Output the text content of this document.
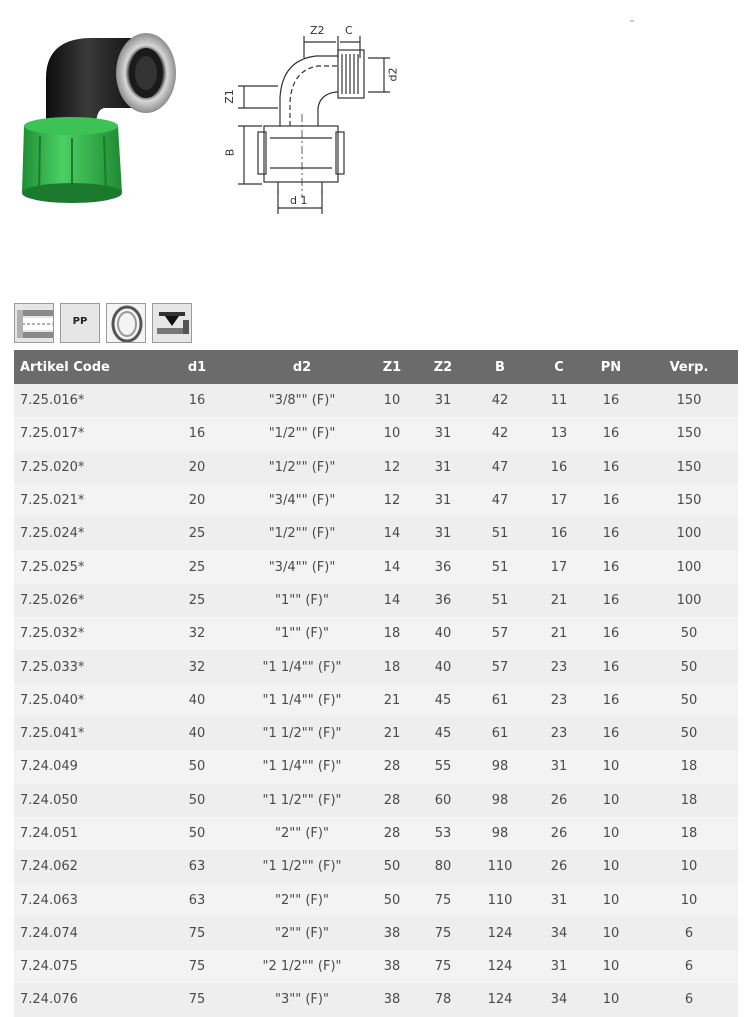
Z2 C
Z1
d2
B
d 1
PP
Artikel Code	d1	d2	Z1	Z2	B	C	PN	Verp.
7.25.016*	16	"3/8"" (F)"	10	31	42	11	16	150
7.25.017*	16	"1/2"" (F)"	10	31	42	13	16	150
7.25.020*	20	"1/2"" (F)"	12	31	47	16	16	150
7.25.021*	20	"3/4"" (F)"	12	31	47	17	16	150
7.25.024*	25	"1/2"" (F)"	14	31	51	16	16	100
7.25.025*	25	"3/4"" (F)"	14	36	51	17	16	100
7.25.026*	25	"1"" (F)"	14	36	51	21	16	100
7.25.032*	32	"1"" (F)"	18	40	57	21	16	50
7.25.033*	32	"1 1/4"" (F)"	18	40	57	23	16	50
7.25.040*	40	"1 1/4"" (F)"	21	45	61	23	16	50
7.25.041*	40	"1 1/2"" (F)"	21	45	61	23	16	50
7.24.049	50	"1 1/4"" (F)"	28	55	98	31	10	18
7.24.050	50	"1 1/2"" (F)"	28	60	98	26	10	18
7.24.051	50	"2"" (F)"	28	53	98	26	10	18
7.24.062	63	"1 1/2"" (F)"	50	80	110	26	10	10
7.24.063	63	"2"" (F)"	50	75	110	31	10	10
7.24.074	75	"2"" (F)"	38	75	124	34	10	6
7.24.075	75	"2 1/2"" (F)"	38	75	124	31	10	6
7.24.076	75	"3"" (F)"	38	78	124	34	10	6
